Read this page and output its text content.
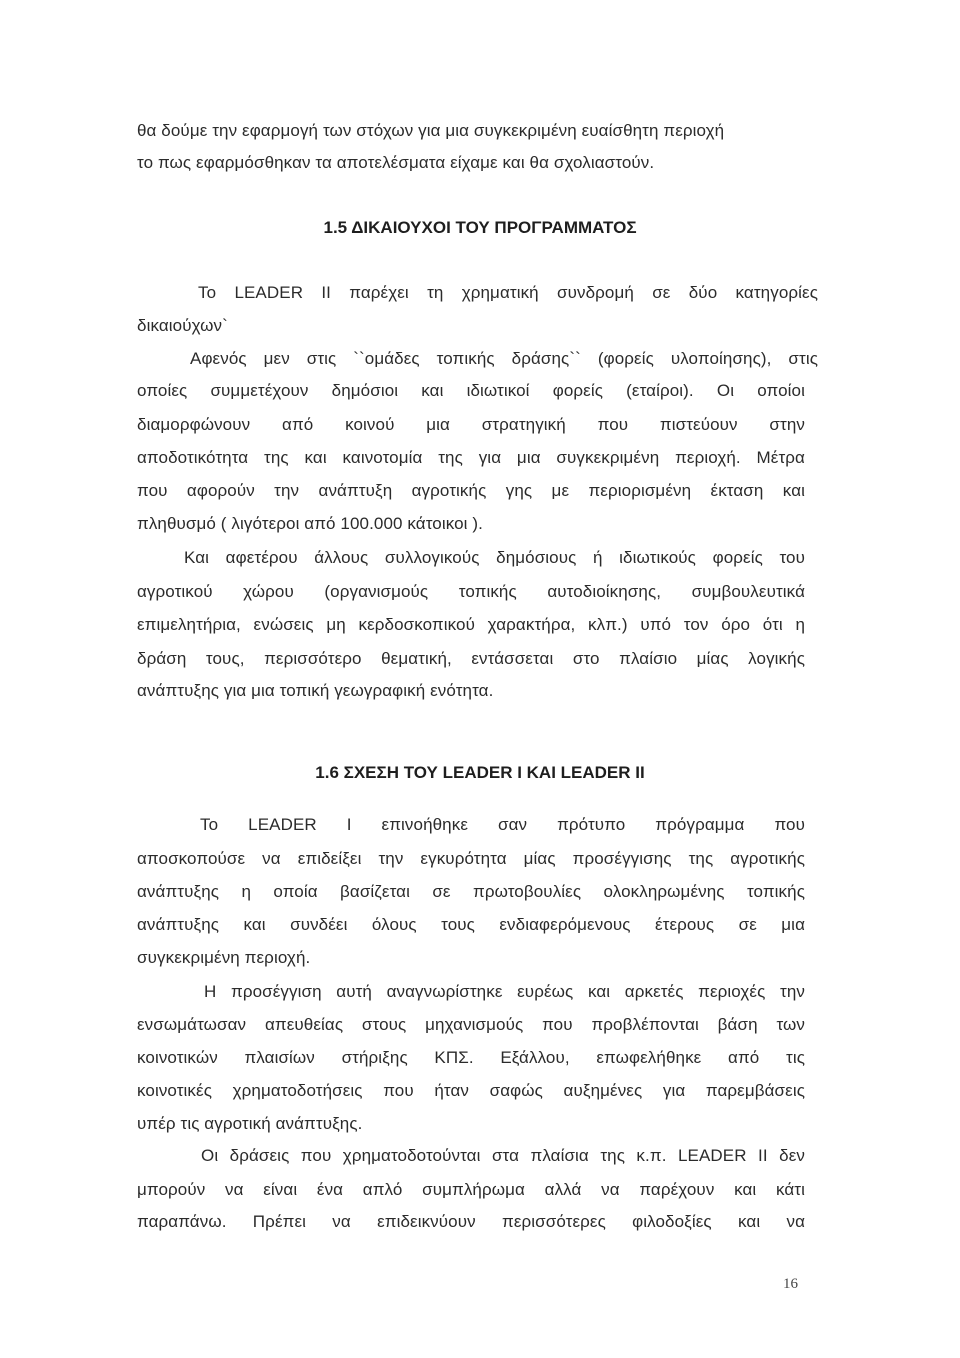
θα δούμε την εφαρμογή των στόχων για μια συγκεκριμένη ευαίσθητη περιοχή
το πως εφαρμόσθηκαν τα αποτελέσματα είχαμε και θα σχολιαστούν.
1.5 ΔΙΚΑΙΟΥΧΟΙ ΤΟΥ ΠΡΟΓΡΑΜΜΑΤΟΣ
Το LEADER II παρέχει τη χρηματική συνδρομή σε δύο κατηγορίες
δικαιούχων`
Αφενός μεν στις ``ομάδες τοπικής δράσης`` (φορείς υλοποίησης), στις
οποίες συμμετέχουν δημόσιοι και ιδιωτικοί φορείς (εταίροι). Οι οποίοι
διαμορφώνουν από κοινού μια στρατηγική που πιστεύουν στην
αποδοτικότητα της και καινοτομία της για μια συγκεκριμένη περιοχή. Μέτρα
που αφορούν την ανάπτυξη αγροτικής γης με περιορισμένη έκταση και
πληθυσμό ( λιγότεροι από 100.000 κάτοικοι ).
Και αφετέρου άλλους συλλογικούς δημόσιους ή ιδιωτικούς φορείς του
αγροτικού χώρου (οργανισμούς τοπικής αυτοδιοίκησης, συμβουλευτικά
επιμελητήρια, ενώσεις μη κερδοσκοπικού χαρακτήρα, κλπ.) υπό τον όρο ότι η
δράση τους, περισσότερο θεματική, εντάσσεται στο πλαίσιο μίας λογικής
ανάπτυξης για μια τοπική γεωγραφική ενότητα.
1.6 ΣΧΕΣΗ ΤΟΥ LEADER I ΚΑΙ LEADER II
Το LEADER I επινοήθηκε σαν πρότυπο πρόγραμμα που
αποσκοπούσε να επιδείξει την εγκυρότητα μίας προσέγγισης της αγροτικής
ανάπτυξης η οποία βασίζεται σε πρωτοβουλίες ολοκληρωμένης τοπικής
ανάπτυξης και συνδέει όλους τους ενδιαφερόμενους έτερους σε μια
συγκεκριμένη περιοχή.
Η προσέγγιση αυτή αναγνωρίστηκε ευρέως και αρκετές περιοχές την
ενσωμάτωσαν απευθείας στους μηχανισμούς που προβλέπονται βάση των
κοινοτικών πλαισίων στήριξης ΚΠΣ. Εξάλλου, επωφελήθηκε από τις
κοινοτικές χρηματοδοτήσεις που ήταν σαφώς αυξημένες για παρεμβάσεις
υπέρ τις αγροτική ανάπτυξης.
Οι δράσεις που χρηματοδοτούνται στα πλαίσια της κ.π. LEADER II δεν
μπορούν να είναι ένα απλό συμπλήρωμα αλλά να παρέχουν και κάτι
παραπάνω. Πρέπει να επιδεικνύουν περισσότερες φιλοδοξίες και να
16
